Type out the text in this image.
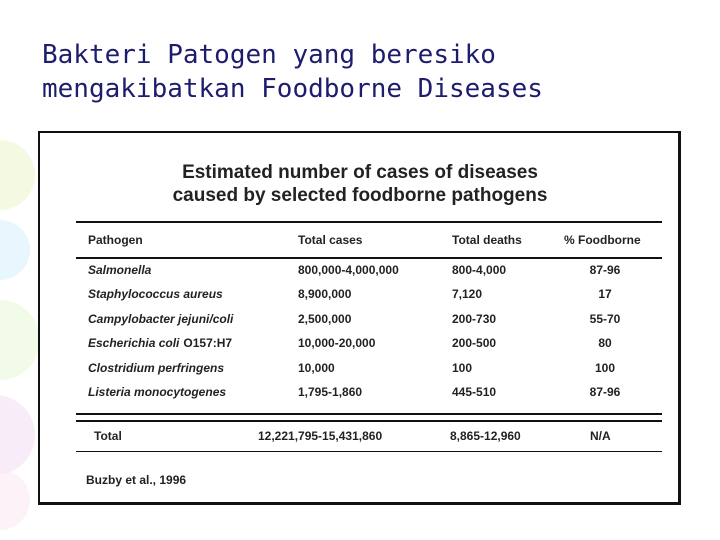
Bakteri Patogen yang beresiko mengakibatkan Foodborne Diseases
Estimated number of cases of diseases
caused by selected foodborne pathogens
Pathogen	Total cases	Total deaths	% Foodborne
Salmonella	800,000-4,000,000	800-4,000	87-96
Staphylococcus aureus	8,900,000	7,120	17
Campylobacter jejuni/coli	2,500,000	200-730	55-70
Escherichia coli O157:H7	10,000-20,000	200-500	80
Clostridium perfringens	10,000	100	100
Listeria monocytogenes	1,795-1,860	445-510	87-96
Total	12,221,795-15,431,860	8,865-12,960	N/A
Buzby et al., 1996
